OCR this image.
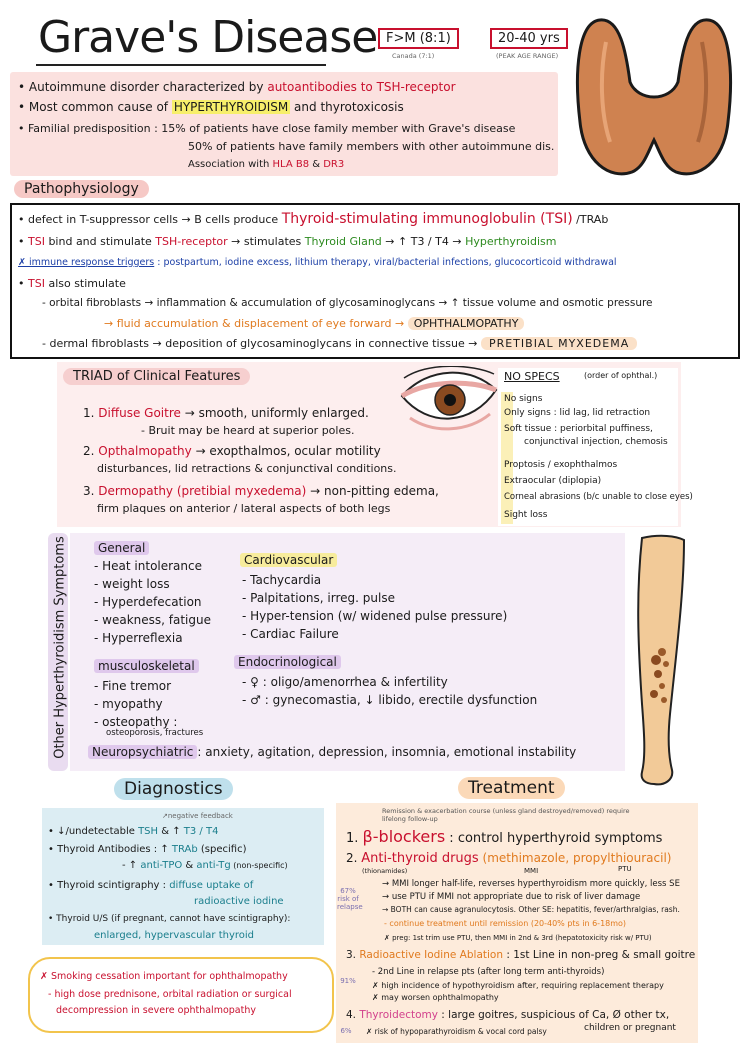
Grave's Disease F>M (8:1)
Canada (7:1)
20-40 yrs
(PEAK AGE RANGE)
• Autoimmune disorder characterized by autoantibodies to TSH-receptor
• Most common cause of HYPERTHYROIDISM and thyrotoxicosis
• Familial predisposition : 15% of patients have close family member with Grave's disease
50% of patients have family members with other autoimmune dis.
Association with HLA B8 & DR3
Pathophysiology
• defect in T-suppressor cells → B cells produce Thyroid-stimulating immunoglobulin (TSI) /TRAb
• TSI bind and stimulate TSH-receptor → stimulates Thyroid Gland → ↑ T3 / T4 → Hyperthyroidism
✗ immune response triggers : postpartum, iodine excess, lithium therapy, viral/bacterial infections, glucocorticoid withdrawal
• TSI also stimulate
- orbital fibroblasts → inflammation & accumulation of glycosaminoglycans → ↑ tissue volume and osmotic pressure
→ fluid accumulation & displacement of eye forward → OPHTHALMOPATHY
- dermal fibroblasts → deposition of glycosaminoglycans in connective tissue → PRETIBIAL MYXEDEMA
TRIAD of Clinical Features
1. Diffuse Goitre → smooth, uniformly enlarged.
- Bruit may be heard at superior poles.
2. Opthalmopathy → exopthalmos, ocular motility
disturbances, lid retractions & conjunctival conditions.
3. Dermopathy (pretibial myxedema) → non-pitting edema,
firm plaques on anterior / lateral aspects of both legs
NO SPECS	(order of ophthal.)
No signs
Only signs : lid lag, lid retraction
Soft tissue : periorbital puffiness,
conjunctival injection, chemosis
Proptosis / exophthalmos
Extraocular (diplopia)
Corneal abrasions (b/c unable to close eyes)
Sight loss
Other Hyperthyroidism Symptoms	General
- Heat intolerance
- weight loss
- Hyperdefecation
- weakness, fatigue
- Hyperreflexia
Cardiovascular
- Tachycardia
- Palpitations, irreg. pulse
- Hyper-tension (w/ widened pulse pressure)
- Cardiac Failure
musculoskeletal
- Fine tremor
- myopathy
- osteopathy :
osteoporosis, fractures
Endocrinological
- ♀ : oligo/amenorrhea & infertility
- ♂ : gynecomastia, ↓ libido, erectile dysfunction
Neuropsychiatric : anxiety, agitation, depression, insomnia, emotional instability
Diagnostics
↗negative feedback
• ↓/undetectable TSH & ↑ T3 / T4
• Thyroid Antibodies : ↑ TRAb (specific)
- ↑ anti-TPO & anti-Tg (non-specific)
• Thyroid scintigraphy : diffuse uptake of
radioactive iodine
• Thyroid U/S (if pregnant, cannot have scintigraphy):
enlarged, hypervascular thyroid
✗ Smoking cessation important for ophthalmopathy
- high dose prednisone, orbital radiation or surgical
decompression in severe ophthalmopathy
Treatment
Remission & exacerbation course (unless gland destroyed/removed) require lifelong follow-up
1. β-blockers : control hyperthyroid symptoms
2. Anti-thyroid drugs (methimazole, propylthiouracil)
(thionamides)	MMI	PTU
→ MMI longer half-life, reverses hyperthyroidism more quickly, less SE
→ use PTU if MMI not appropriate due to risk of liver damage
→ BOTH can cause agranulocytosis. Other SE: hepatitis, fever/arthralgias, rash.
- continue treatment until remission (20-40% pts in 6-18mo)
✗ preg: 1st trim use PTU, then MMI in 2nd & 3rd (hepatotoxicity risk w/ PTU)
3. Radioactive Iodine Ablation : 1st Line in non-preg & small goitre
- 2nd Line in relapse pts (after long term anti-thyroids)
✗ high incidence of hypothyroidism after, requiring replacement therapy
✗ may worsen ophthalmopathy
4. Thyroidectomy : large goitres, suspicious of Ca, Ø other tx,
children or pregnant
✗ risk of hypoparathyroidism & vocal cord palsy
67% risk of relapse
91%
6%
